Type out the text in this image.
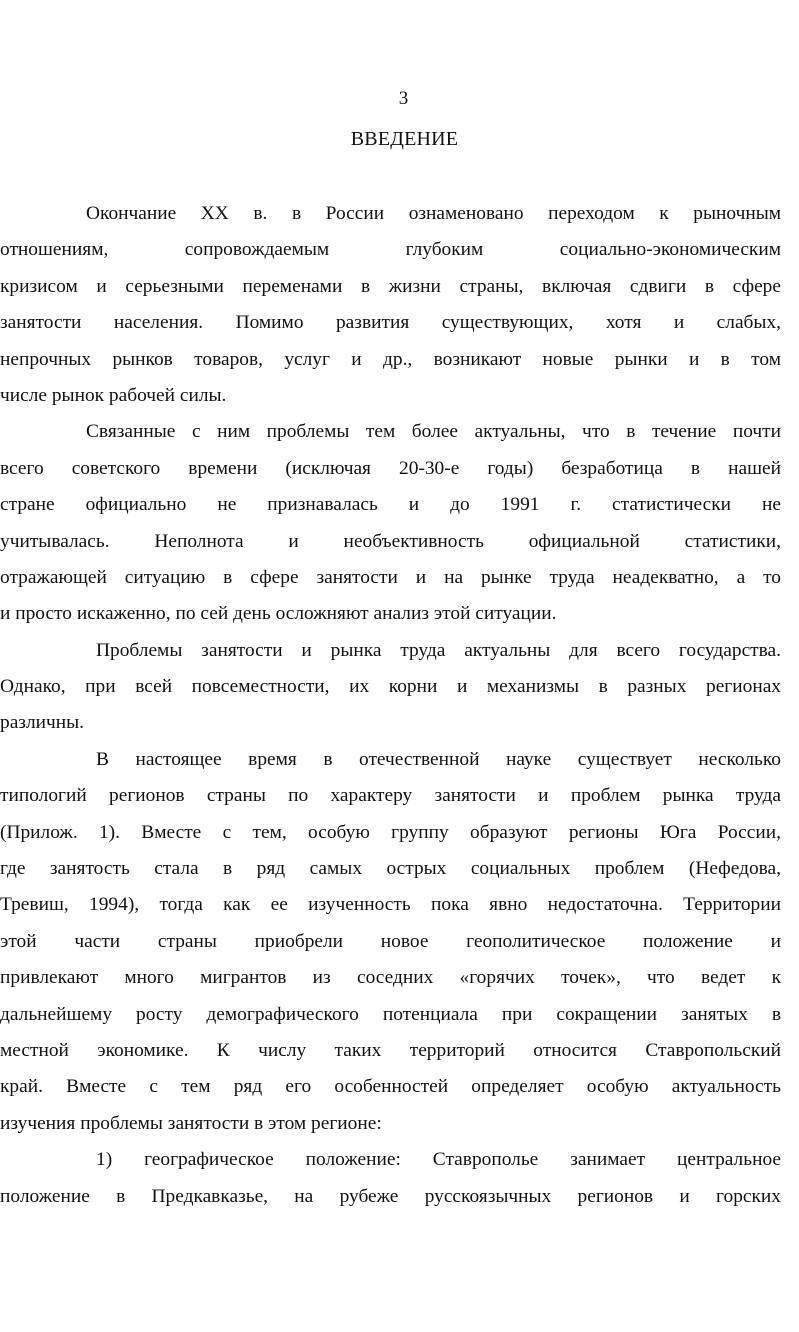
3
ВВЕДЕНИЕ
Окончание XX в. в России ознаменовано переходом к рыночным
отношениям, сопровождаемым глубоким социально-экономическим
кризисом и серьезными переменами в жизни страны, включая сдвиги в сфере
занятости населения. Помимо развития существующих, хотя и слабых,
непрочных рынков товаров, услуг и др., возникают новые рынки и в том
числе рынок рабочей силы.
Связанные с ним проблемы тем более актуальны, что в течение почти
всего советского времени (исключая 20-30-е годы) безработица в нашей
стране официально не признавалась и до 1991 г. статистически не
учитывалась. Неполнота и необъективность официальной статистики,
отражающей ситуацию в сфере занятости и на рынке труда неадекватно, а то
и просто искаженно, по сей день осложняют анализ этой ситуации.
Проблемы занятости и рынка труда актуальны для всего государства.
Однако, при всей повсеместности, их корни и механизмы в разных регионах
различны.
В настоящее время в отечественной науке существует несколько
типологий регионов страны по характеру занятости и проблем рынка труда
(Прилож. 1). Вместе с тем, особую группу образуют регионы Юга России,
где занятость стала в ряд самых острых социальных проблем (Нефедова,
Тревиш, 1994), тогда как ее изученность пока явно недостаточна. Территории
этой части страны приобрели новое геополитическое положение и
привлекают много мигрантов из соседних «горячих точек», что ведет к
дальнейшему росту демографического потенциала при сокращении занятых в
местной экономике. К числу таких территорий относится Ставропольский
край. Вместе с тем ряд его особенностей определяет особую актуальность
изучения проблемы занятости в этом регионе:
1) географическое положение: Ставрополье занимает центральное
положение в Предкавказье, на рубеже русскоязычных регионов и горских
